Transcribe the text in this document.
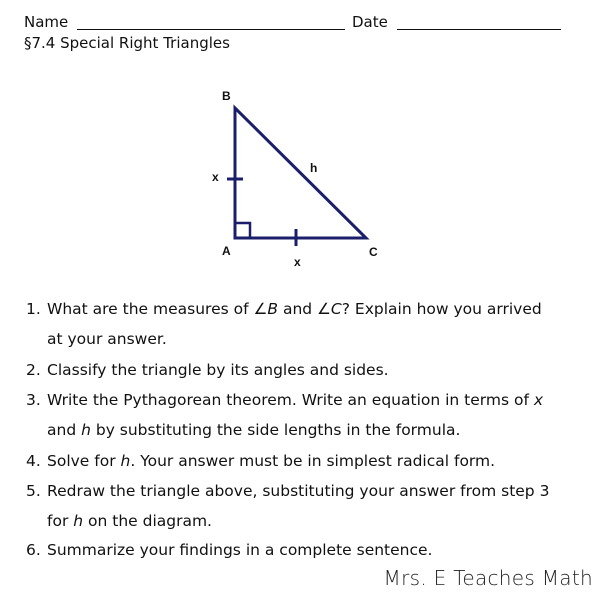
Name	Date
§7.4 Special Right Triangles
B
x
h
A	C
x
1. What are the measures of ∠B and ∠C? Explain how you arrived
at your answer.
2. Classify the triangle by its angles and sides.
3. Write the Pythagorean theorem. Write an equation in terms of x
and h by substituting the side lengths in the formula.
4. Solve for h. Your answer must be in simplest radical form.
5. Redraw the triangle above, substituting your answer from step 3
for h on the diagram.
6. Summarize your findings in a complete sentence.
Mrs. E Teaches Math
